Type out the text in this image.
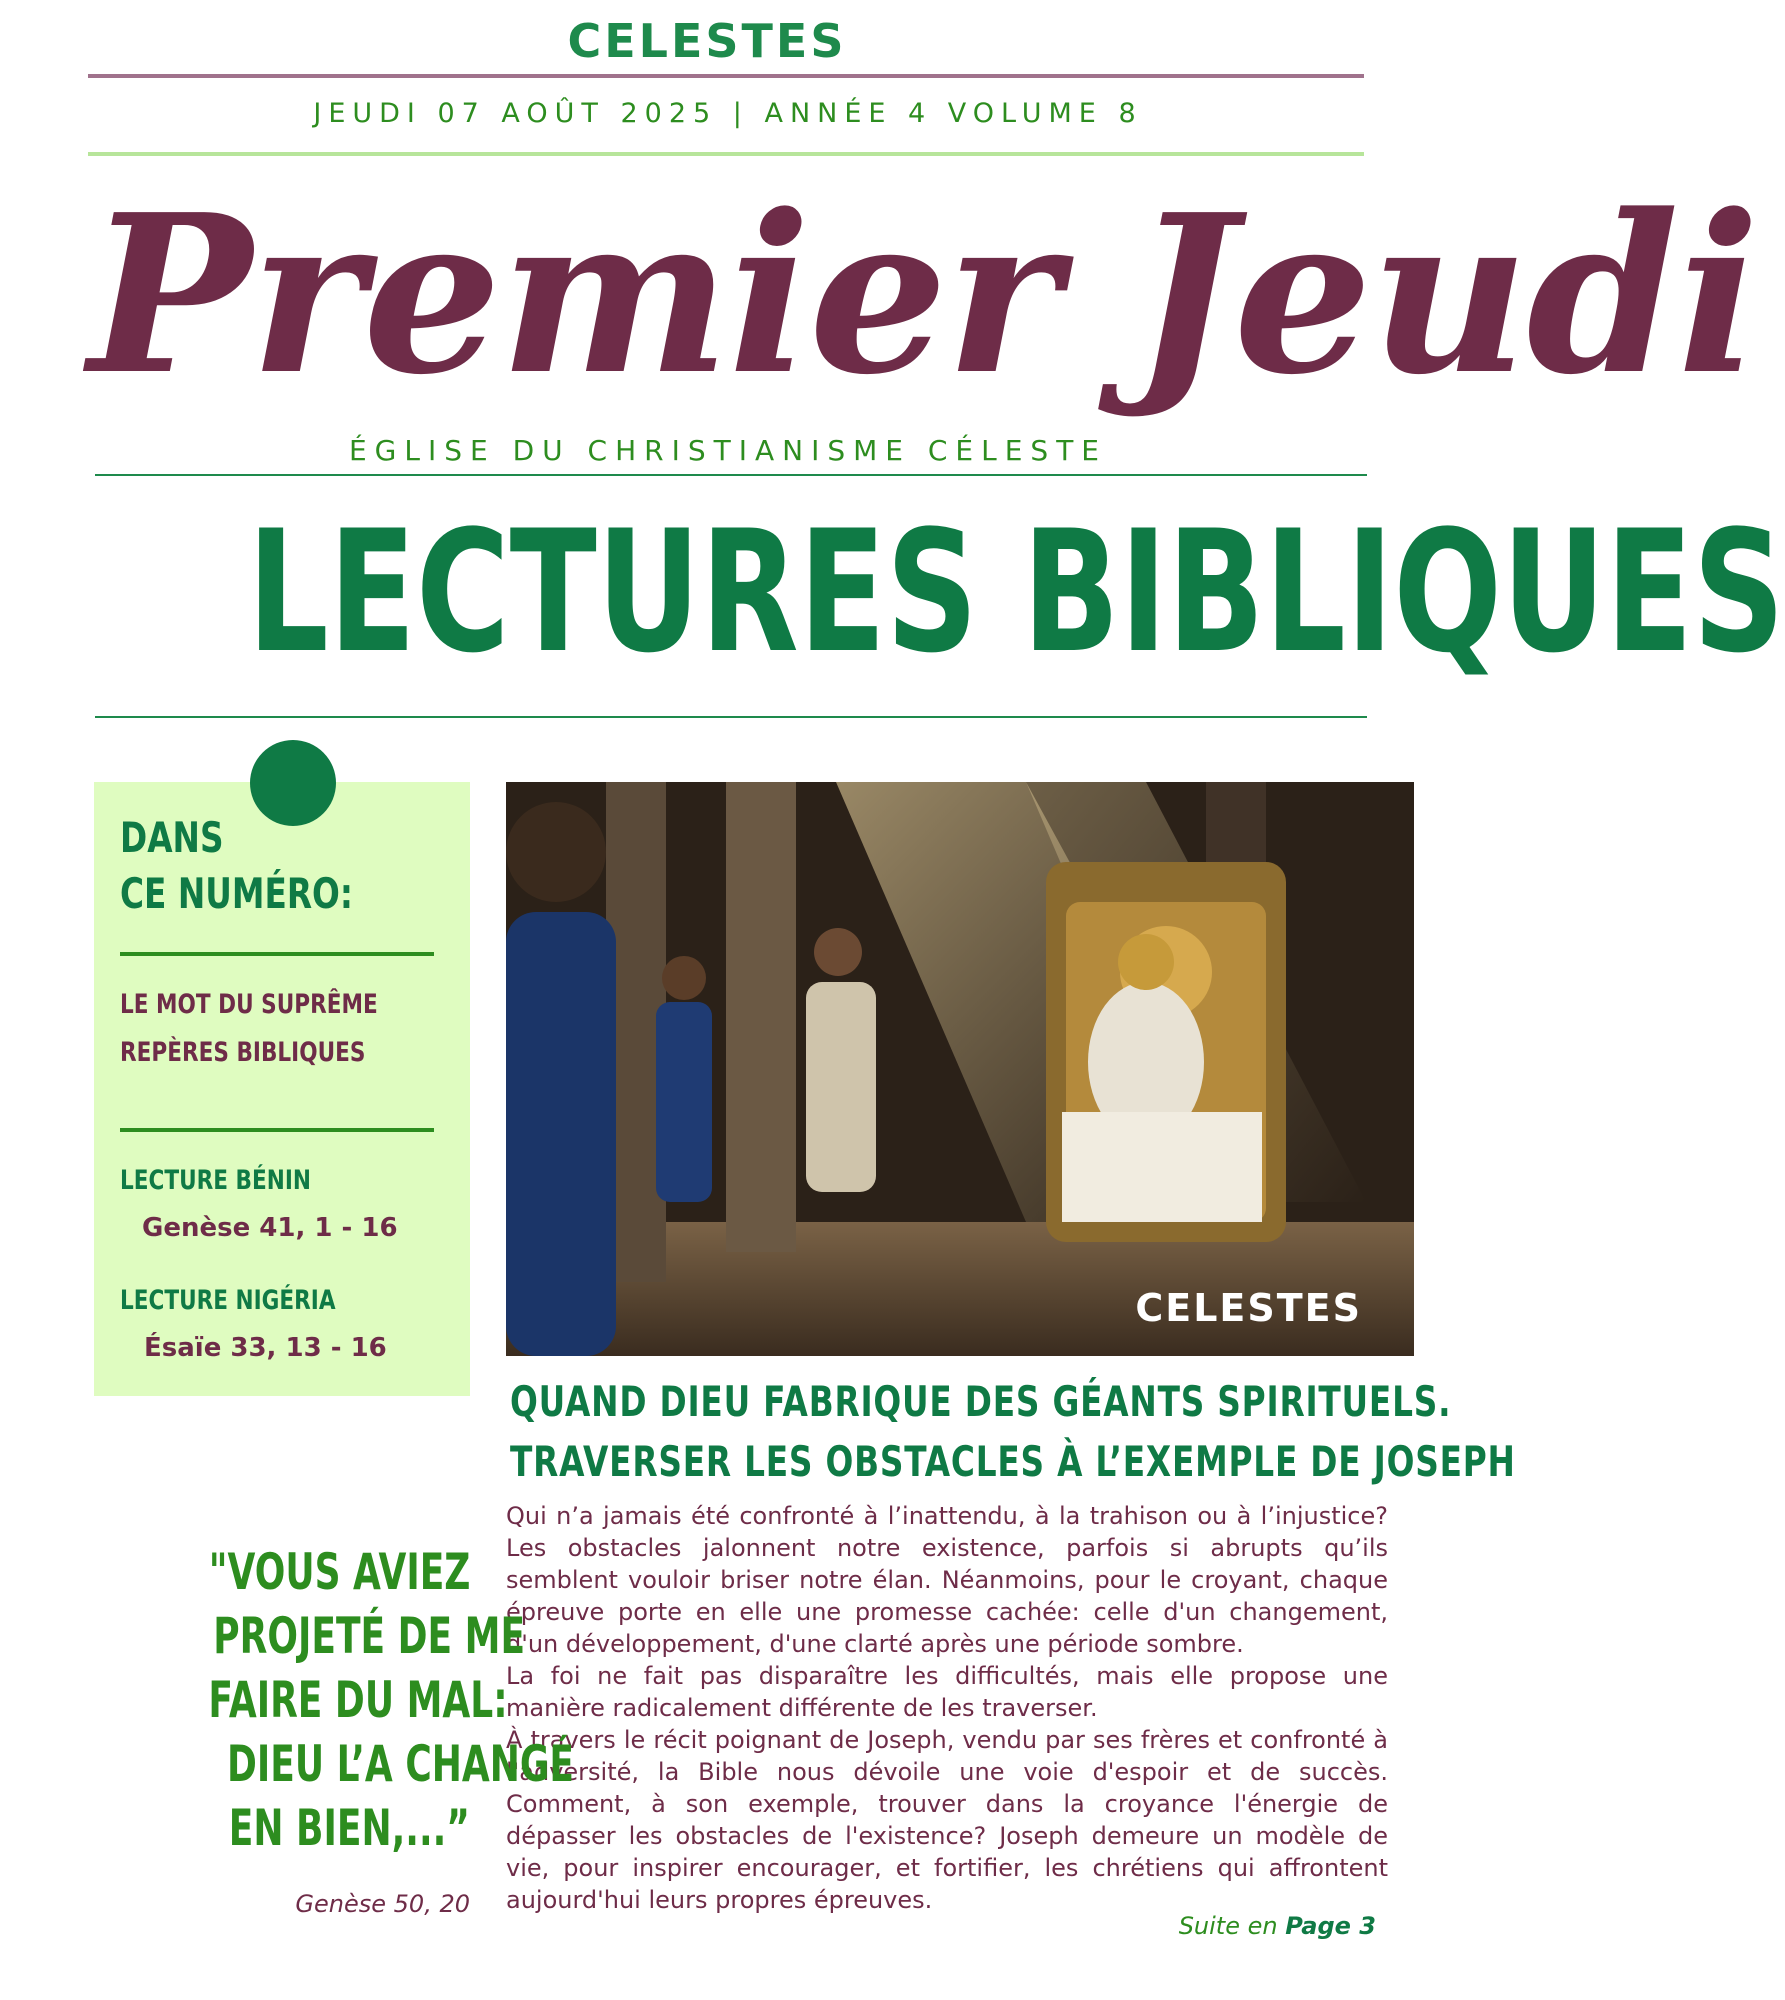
CELESTES
JEUDI 07 AOÛT 2025 | ANNÉE 4 VOLUME 8
Premier Jeudi
ÉGLISE DU CHRISTIANISME CÉLESTE
LECTURES BIBLIQUES
DANS
CE NUMÉRO:
LE MOT DU SUPRÊME
REPÈRES BIBLIQUES
LECTURE BÉNIN
Genèse 41, 1 - 16
LECTURE NIGÉRIA
Ésaïe 33, 13 - 16
CELESTES
QUAND DIEU FABRIQUE DES GÉANTS SPIRITUELS.
TRAVERSER LES OBSTACLES À L’EXEMPLE DE JOSEPH

Qui n’a jamais été confronté à l’inattendu, à la trahison ou à l’injustice? Les obstacles jalonnent notre existence, parfois si abrupts qu’ils semblent vouloir briser notre élan. Néanmoins, pour le croyant, chaque épreuve porte en elle une promesse cachée: celle d'un changement, d'un développement, d'une clarté après une période sombre.

La foi ne fait pas disparaître les difficultés, mais elle propose une manière radicalement différente de les traverser.

À travers le récit poignant de Joseph, vendu par ses frères et confronté à l'adversité, la Bible nous dévoile une voie d'espoir et de succès. Comment, à son exemple, trouver dans la croyance l'énergie de dépasser les obstacles de l'existence? Joseph demeure un modèle de vie, pour inspirer encourager, et fortifier, les chrétiens qui affrontent aujourd'hui leurs propres épreuves.

Suite en Page 3
"VOUS AVIEZ
PROJETÉ DE ME
FAIRE DU MAL:
DIEU L’A CHANGÉ
EN BIEN,...”
Genèse 50, 20
